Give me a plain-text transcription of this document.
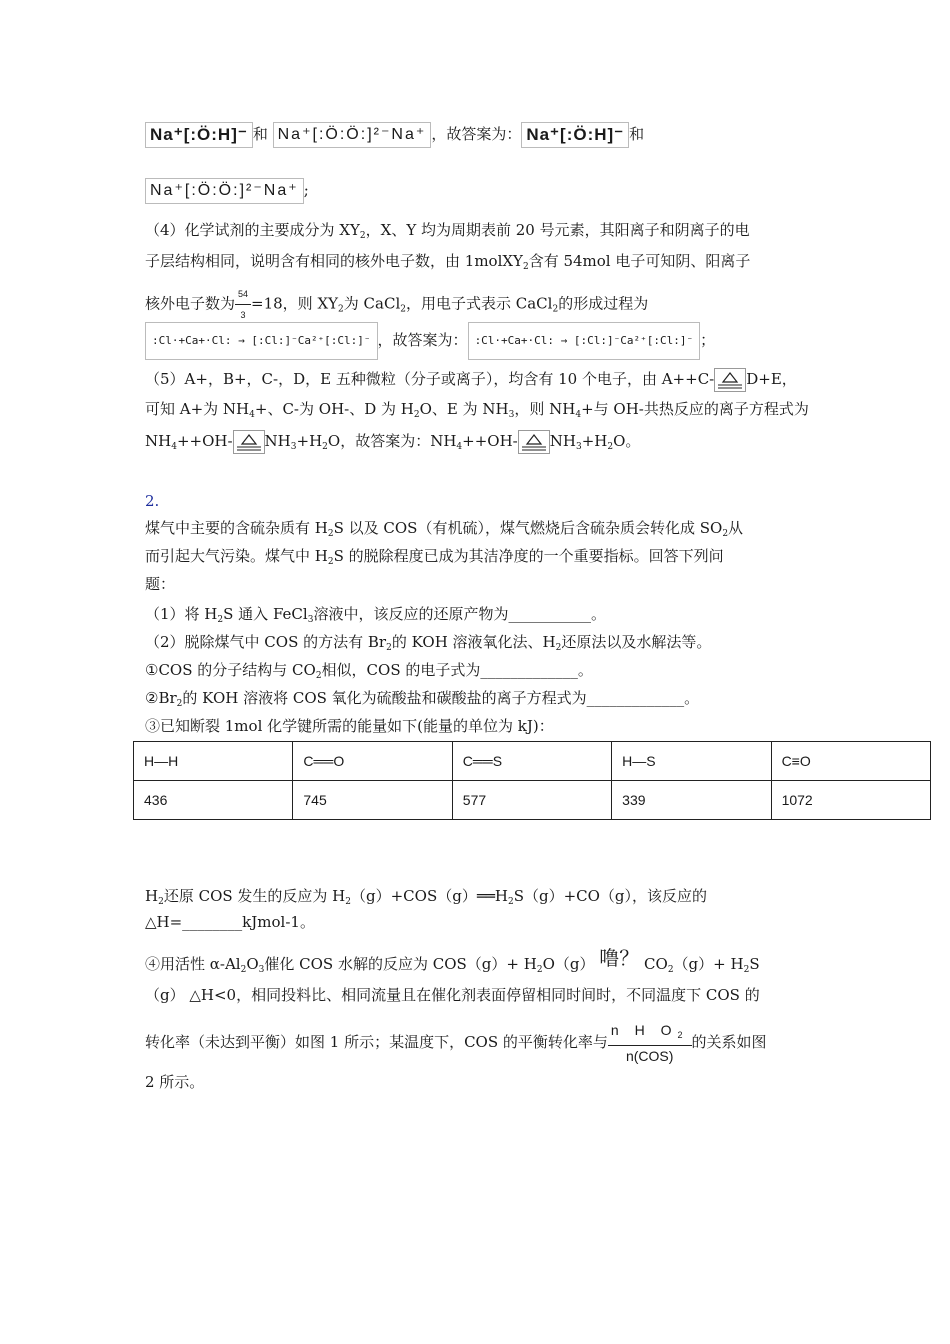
Na⁺[:Ö:H]⁻ 和 Na⁺[:Ö:Ö:]²⁻Na⁺ ，故答案为： Na⁺[:Ö:H]⁻ 和
Na⁺[:Ö:Ö:]²⁻Na⁺ ;
（4）化学试剂的主要成分为 $XY_2$，X、Y 均为周期表前 20 号元素，其阳离子和阴离子的电
子层结构相同，说明含有相同的核外电子数，由 1molXY$_2$含有 54mol 电子可知阴、阳离子
核外电子数为 $\frac{54}{3} =18$，则 $XY_2$为 CaCl$_2$，用电子式表示 CaCl$_2$的形成过程为
:Cl·+Ca+·Cl: → [:Cl:]⁻Ca²⁺[:Cl:]⁻ ，故答案为： :Cl·+Ca+·Cl: → [:Cl:]⁻Ca²⁺[:Cl:]⁻ ；
（5）A+，B+，C-，D，E 五种微粒（分子或离子），均含有 10 个电子，由 A++C- D+E，
可知 A+为 $NH_4+$、C-为 OH-、D 为 $H_2O$、E 为 $NH_3$，则 $NH_4+$与 OH-共热反应的离子方程式为
$NH_4++OH-$ $NH_3+H_2O$，故答案为：$NH_4++OH-$ $NH_3+H_2O$。
2.
煤气中主要的含硫杂质有 $H_2S$ 以及 COS（有机硫），煤气燃烧后含硫杂质会转化成 $SO_2$从
而引起大气污染。煤气中 $H_2S$ 的脱除程度已成为其洁净度的一个重要指标。回答下列问
题：
（1）将 $H_2S$ 通入 FeCl$_3$溶液中，该反应的还原产物为___________。
（2）脱除煤气中 COS 的方法有 $Br_2$的 KOH 溶液氧化法、$H_2$还原法以及水解法等。
①COS 的分子结构与 $CO_2$相似，COS 的电子式为_____________。
$②Br_2$的 KOH 溶液将 COS 氧化为硫酸盐和碳酸盐的离子方程式为_____________。
③已知断裂 1mol 化学键所需的能量如下(能量的单位为 kJ)：
H—H	C══O	C══S	H—S	C≡O
436	745	577	339	1072
$H_2$还原 COS 发生的反应为 $H_2(g)+COS(g)══H_2S(g)+CO(g)$，该反应的
△H=________kJmol-1。
④用活性 $\alpha-Al_2O_3$催化 COS 水解的反应为 $COS(g)+ H_2O(g)$ 噜？ $CO_2(g)+ H_2S$
（g） △H<0，相同投料比、相同流量且在催化剂表面停留相同时间时，不同温度下 COS 的
转化率（未达到平衡）如图 1 所示；某温度下，COS 的平衡转化率与 $\frac{n H O_2}{\text{n(COS)}}$ 的关系如图
2 所示。
